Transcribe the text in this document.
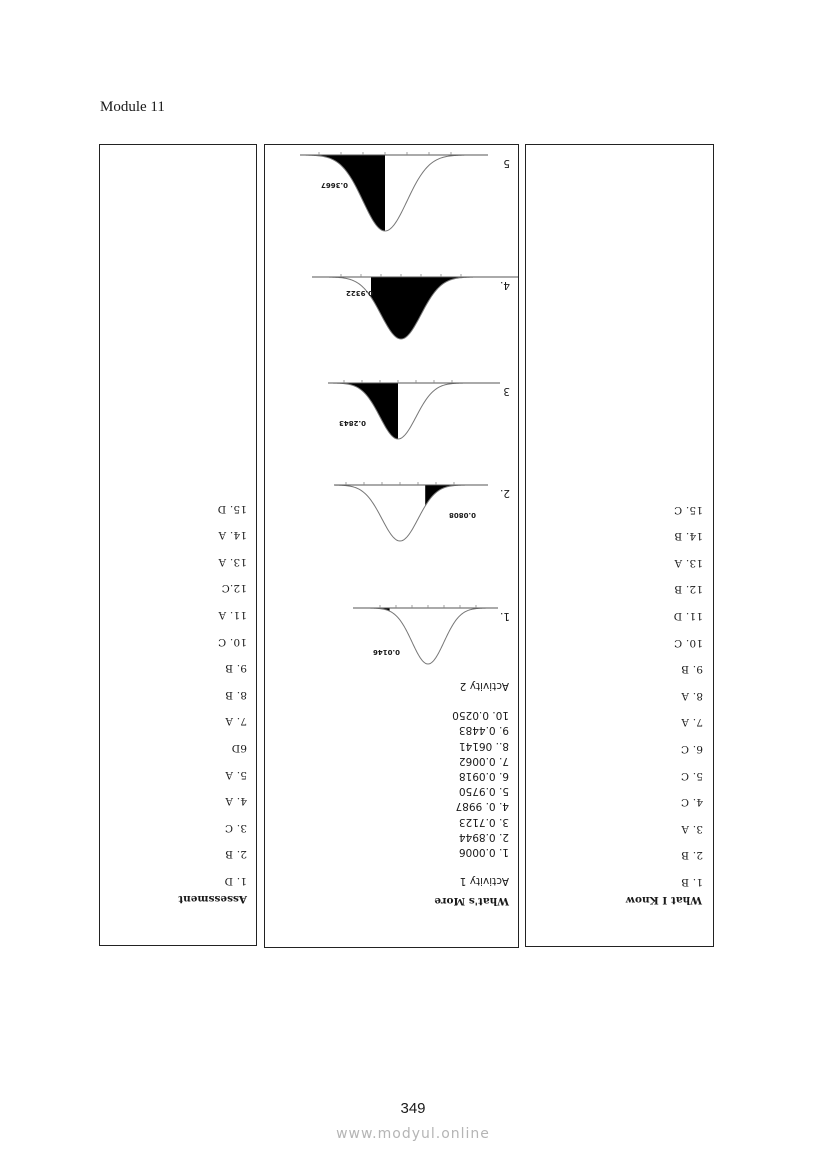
Module 11
Assessment
1. D
2. B
3. C
4. A
5. A
6D
7. A
8. B
9. B
10. C
11. A
12.C
13. A
14. A
15. D
What's More
Activity 1
1. 0.0006
2. 0.8944
3. 0.7123
4. 0. 9987
5. 0.9750
6. 0.0918
7. 0.0062
8.. 06141
9. 0.4483
10. 0.0250
Activity 2
1.
0.0146
2.
0.0808
3
0.2843
4.
0.9322
5
0.3667
What I Know
1. B
2. B
3. A
4. C
5. C
6. C
7. A
8. A
9. B
10. C
11. D
12. B
13. A
14. B
15. C
349
www.modyul.online
